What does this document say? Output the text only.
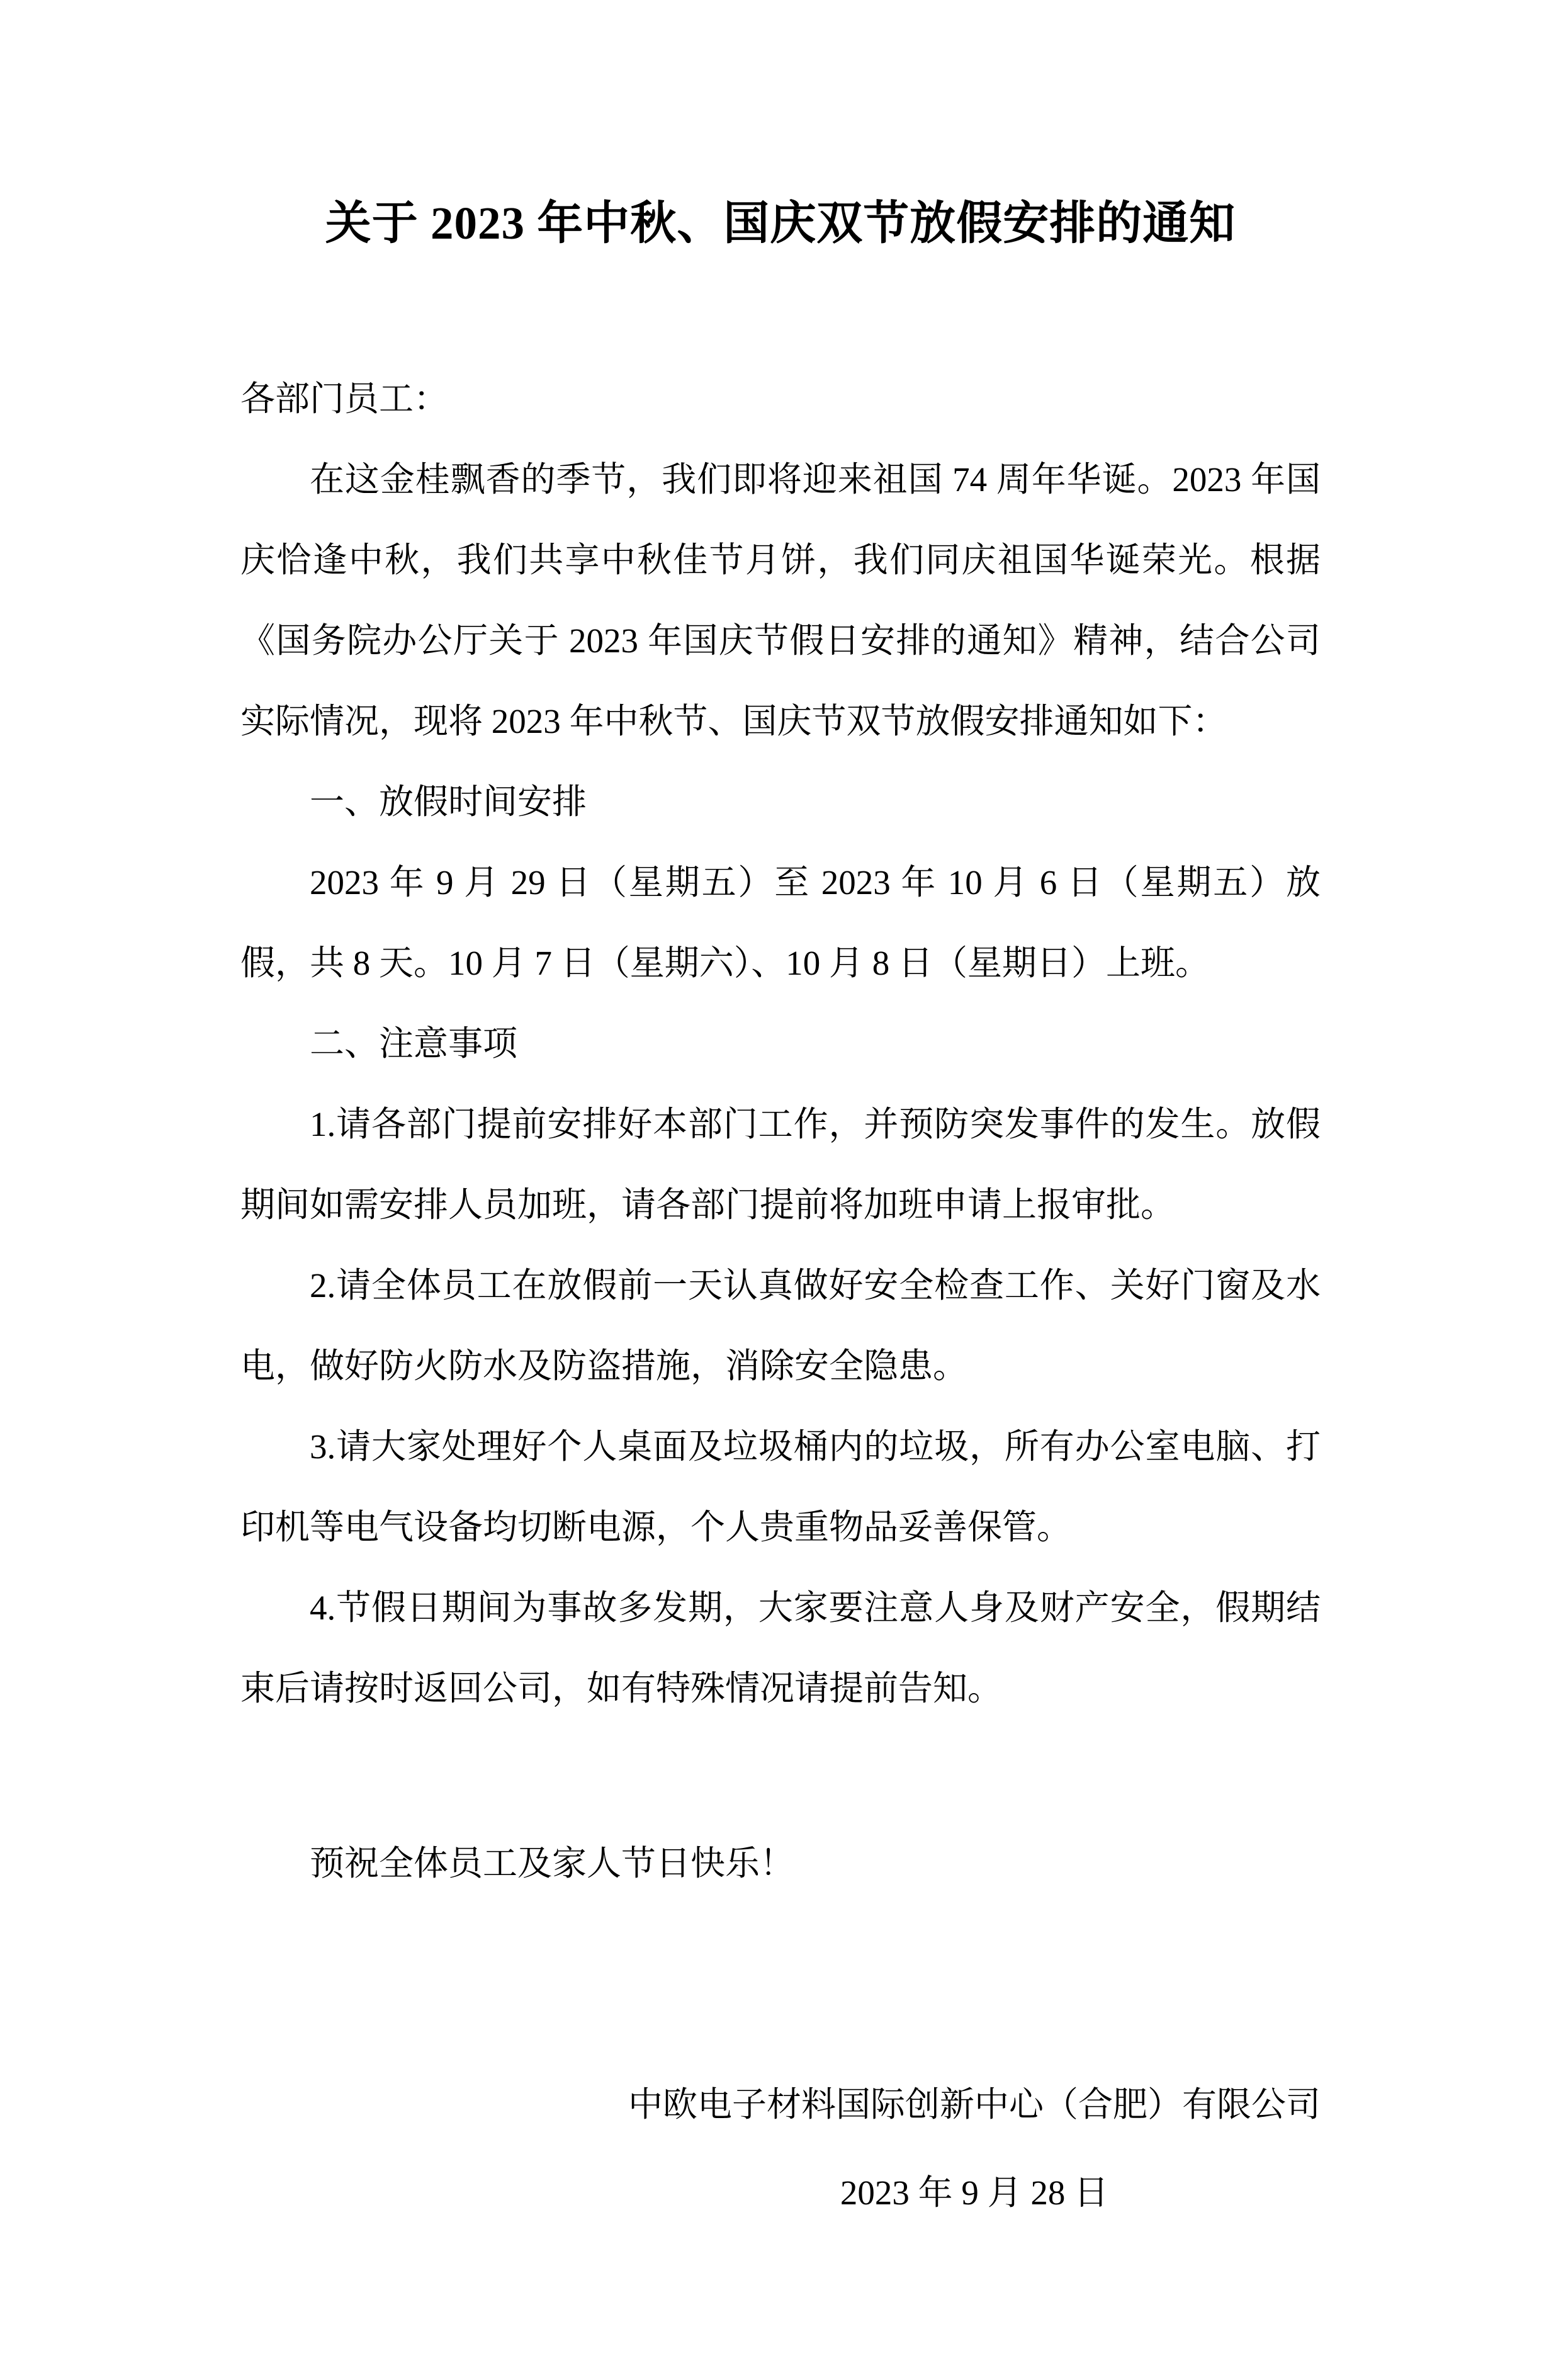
关于 2023 年中秋、国庆双节放假安排的通知

各部门员工：

在这金桂飘香的季节，我们即将迎来祖国 74 周年华诞。2023 年国庆恰逢中秋，我们共享中秋佳节月饼，我们同庆祖国华诞荣光。根据《国务院办公厅关于 2023 年国庆节假日安排的通知》精神，结合公司实际情况，现将 2023 年中秋节、国庆节双节放假安排通知如下：

一、放假时间安排

2023 年 9 月 29 日（星期五）至 2023 年 10 月 6 日（星期五）放假，共 8 天。10 月 7 日（星期六）、10 月 8 日（星期日）上班。

二、注意事项

1.请各部门提前安排好本部门工作，并预防突发事件的发生。放假期间如需安排人员加班，请各部门提前将加班申请上报审批。

2.请全体员工在放假前一天认真做好安全检查工作、关好门窗及水电，做好防火防水及防盗措施，消除安全隐患。

3.请大家处理好个人桌面及垃圾桶内的垃圾，所有办公室电脑、打印机等电气设备均切断电源，个人贵重物品妥善保管。

4.节假日期间为事故多发期，大家要注意人身及财产安全，假期结束后请按时返回公司，如有特殊情况请提前告知。

预祝全体员工及家人节日快乐！

中欧电子材料国际创新中心（合肥）有限公司

2023 年 9 月 28 日
